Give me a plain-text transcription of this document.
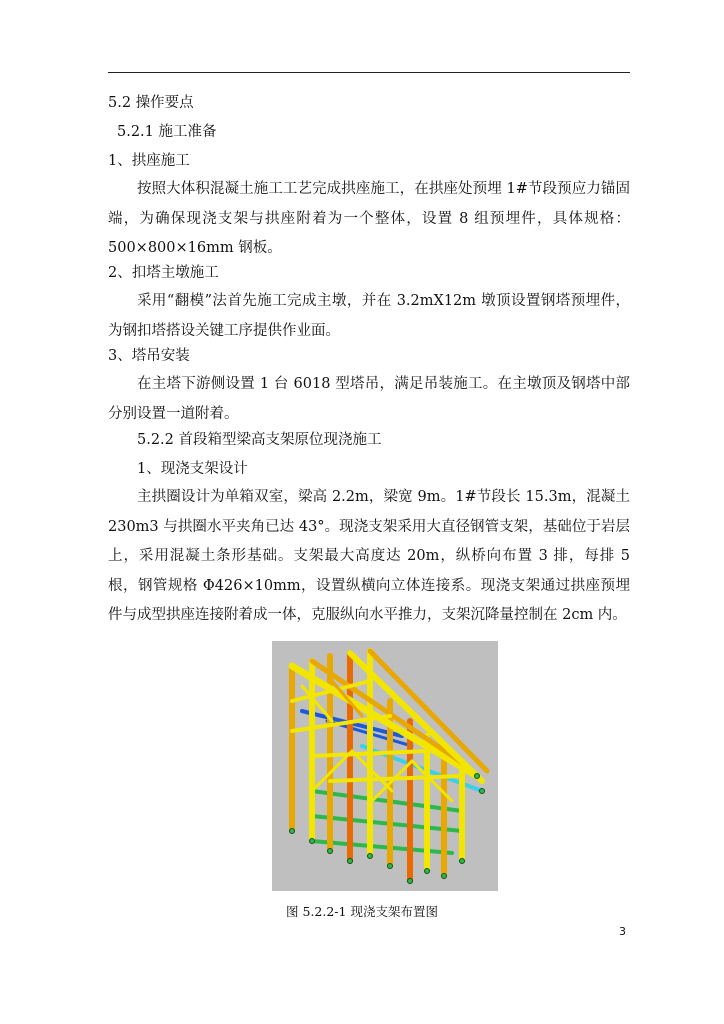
5.2 操作要点
5.2.1 施工准备
1、拱座施工
按照大体积混凝土施工工艺完成拱座施工，在拱座处预埋 1#节段预应力锚固端，为确保现浇支架与拱座附着为一个整体，设置 8 组预埋件，具体规格：500×800×16mm 钢板。
2、扣塔主墩施工
采用“翻模”法首先施工完成主墩，并在 3.2mX12m 墩顶设置钢塔预埋件，为钢扣塔搭设关键工序提供作业面。
3、塔吊安装
在主塔下游侧设置 1 台 6018 型塔吊，满足吊装施工。在主墩顶及钢塔中部分别设置一道附着。
5.2.2 首段箱型梁高支架原位现浇施工
1、现浇支架设计
主拱圈设计为单箱双室，梁高 2.2m，梁宽 9m。1#节段长 15.3m，混凝土 230m3 与拱圈水平夹角已达 43°。现浇支架采用大直径钢管支架，基础位于岩层上，采用混凝土条形基础。支架最大高度达 20m，纵桥向布置 3 排，每排 5 根，钢管规格 Φ426×10mm，设置纵横向立体连接系。现浇支架通过拱座预埋件与成型拱座连接附着成一体，克服纵向水平推力，支架沉降量控制在 2cm 内。
图 5.2.2-1 现浇支架布置图
3
